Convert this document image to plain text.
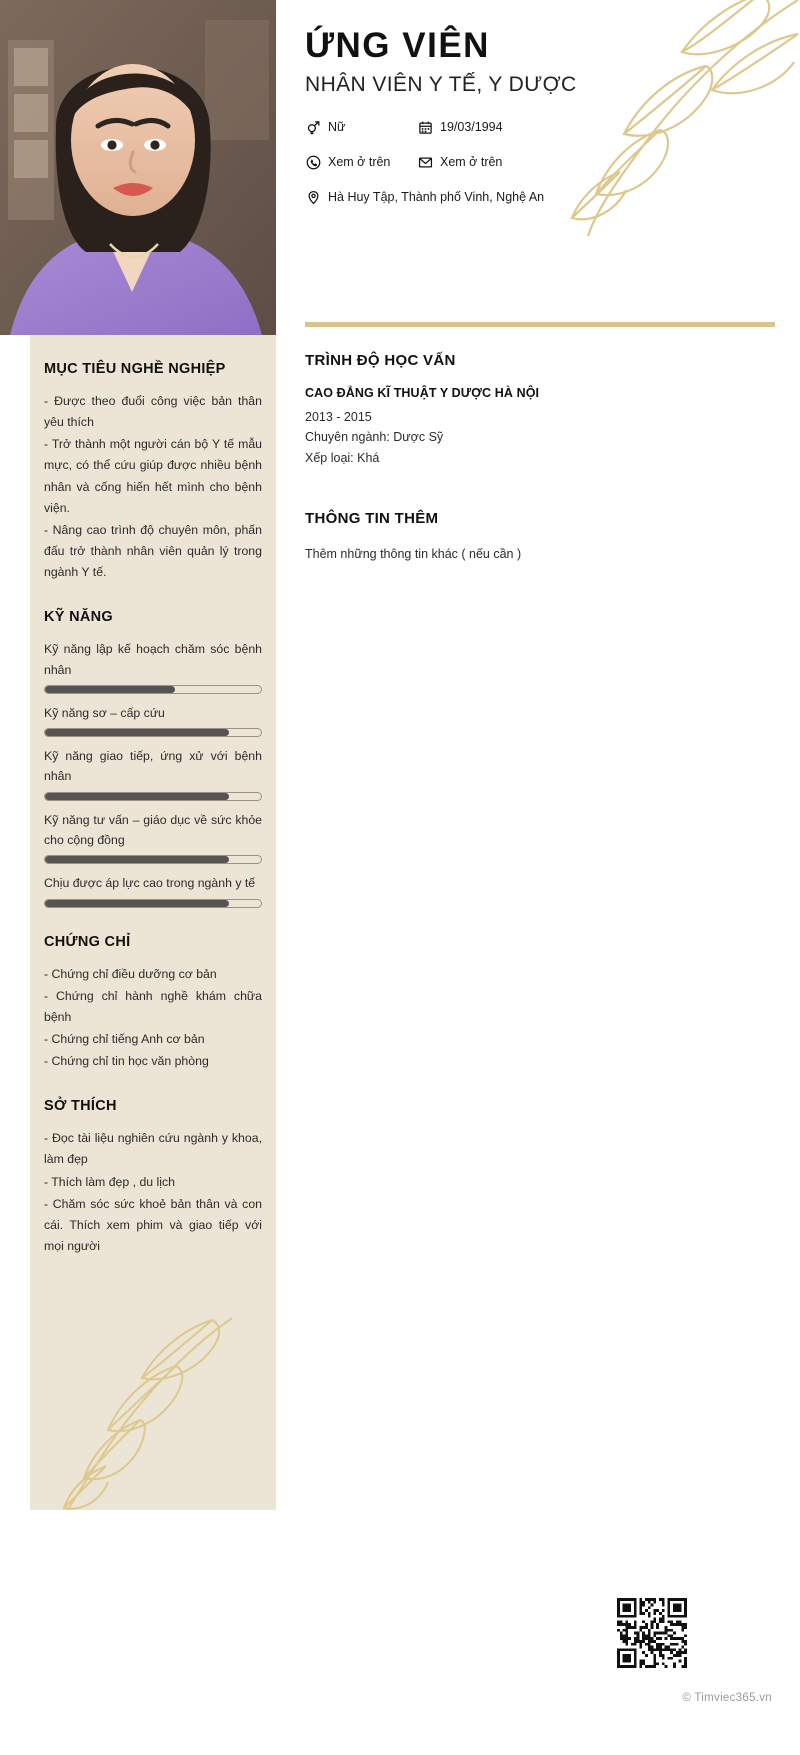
ỨNG VIÊN
NHÂN VIÊN Y TẾ, Y DƯỢC
Nữ	19/03/1994
Xem ở trên	Xem ở trên
Hà Huy Tập, Thành phố Vinh, Nghệ An
MỤC TIÊU NGHỀ NGHIỆP

- Được theo đuổi công việc bản thân yêu thích

- Trở thành một người cán bộ Y tế mẫu mực, có thể cứu giúp được nhiều bệnh nhân và cống hiến hết mình cho bệnh viện.

- Nâng cao trình độ chuyên môn, phấn đấu trở thành nhân viên quản lý trong ngành Y tế.

KỸ NĂNG
Kỹ năng lập kế hoạch chăm sóc bệnh nhân
Kỹ năng sơ – cấp cứu
Kỹ năng giao tiếp, ứng xử với bệnh nhân
Kỹ năng tư vấn – giáo dục về sức khỏe cho cộng đồng
Chịu được áp lực cao trong ngành y tế
CHỨNG CHỈ
- Chứng chỉ điều dưỡng cơ bản
- Chứng chỉ hành nghề khám chữa bệnh
- Chứng chỉ tiếng Anh cơ bản
- Chứng chỉ tin học văn phòng
SỞ THÍCH
- Đọc tài liệu nghiên cứu ngành y khoa, làm đẹp
- Thích làm đẹp , du lịch
- Chăm sóc sức khoẻ bản thân và con cái. Thích xem phim và giao tiếp với mọi người
TRÌNH ĐỘ HỌC VẤN
CAO ĐẲNG KĨ THUẬT Y DƯỢC HÀ NỘI
2013 - 2015
Chuyên ngành: Dược Sỹ
Xếp loại: Khá
THÔNG TIN THÊM

Thêm những thông tin khác ( nếu cần )

© Timviec365.vn
